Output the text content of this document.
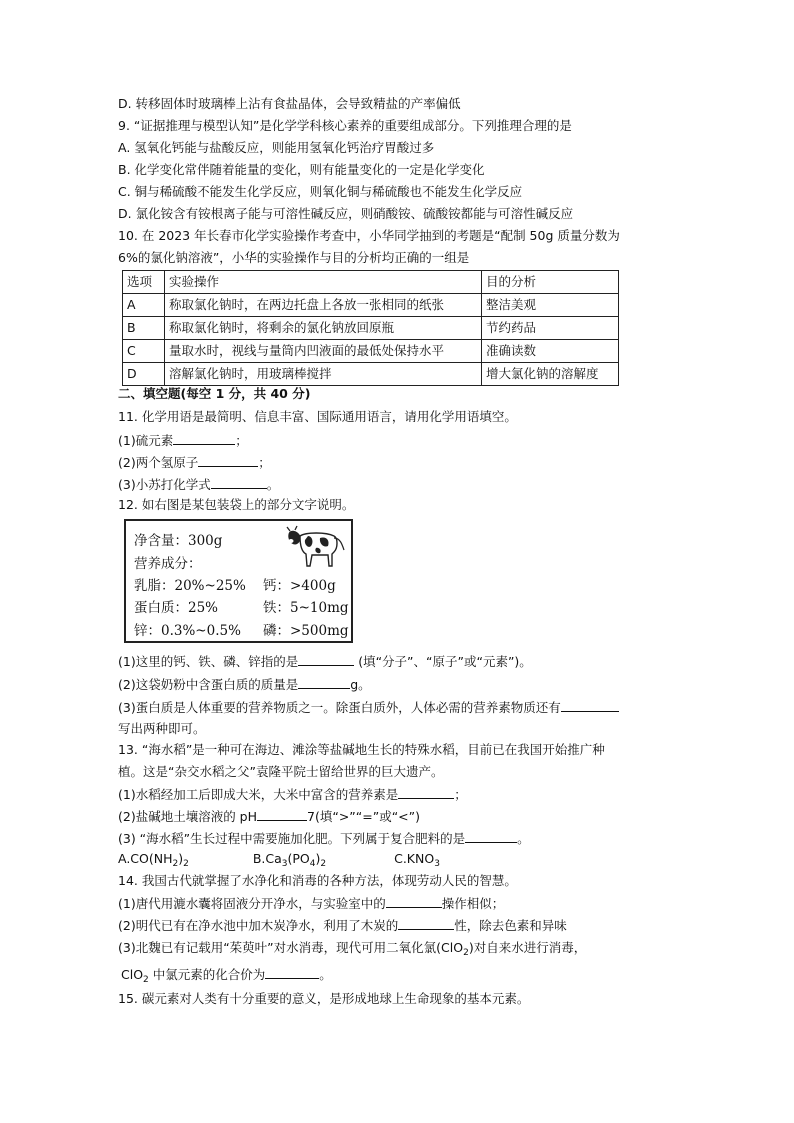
D. 转移固体时玻璃棒上沾有食盐晶体，会导致精盐的产率偏低
9. “证据推理与模型认知”是化学学科核心素养的重要组成部分。下列推理合理的是
A. 氢氧化钙能与盐酸反应，则能用氢氧化钙治疗胃酸过多
B. 化学变化常伴随着能量的变化，则有能量变化的一定是化学变化
C. 铜与稀硫酸不能发生化学反应，则氧化铜与稀硫酸也不能发生化学反应
D. 氯化铵含有铵根离子能与可溶性碱反应，则硝酸铵、硫酸铵都能与可溶性碱反应
10. 在 2023 年长春市化学实验操作考查中，小华同学抽到的考题是“配制 50g 质量分数为
6%的氯化钠溶液”，小华的实验操作与目的分析均正确的一组是
选项	实验操作	目的分析
A	称取氯化钠时，在两边托盘上各放一张相同的纸张	整洁美观
B	称取氯化钠时，将剩余的氯化钠放回原瓶	节约药品
C	量取水时，视线与量筒内凹液面的最低处保持水平	准确读数
D	溶解氯化钠时，用玻璃棒搅拌	增大氯化钠的溶解度
二、填空题(每空 1 分，共 40 分)
11. 化学用语是最简明、信息丰富、国际通用语言，请用化学用语填空。
(1)硫元素	；
(2)两个氢原子	；
(3)小苏打化学式	。
12. 如右图是某包装袋上的部分文字说明。
净含量：300g
营养成分：
乳脂：20%~25% 钙：>400g
蛋白质：25%	铁：5~10mg
锌：0.3%~0.5% 磷：>500mg
(1)这里的钙、铁、磷、锌指的是	(填“分子”、“原子”或“元素”)。
(2)这袋奶粉中含蛋白质的质量是	g。
(3)蛋白质是人体重要的营养物质之一。除蛋白质外，人体必需的营养素物质还有
写出两种即可。
13. “海水稻”是一种可在海边、滩涂等盐碱地生长的特殊水稻，目前已在我国开始推广种
植。这是“杂交水稻之父”袁隆平院士留给世界的巨大遗产。
(1)水稻经加工后即成大米，大米中富含的营养素是	；
(2)盐碱地土壤溶液的 pH	7(填“>”“=”或“<”)
(3) “海水稻”生长过程中需要施加化肥。下列属于复合肥料的是	。
$A.CO(NH_2)_2$	$B.Ca_3(PO_4)_2$	$C.KNO_3$
14. 我国古代就掌握了水净化和消毒的各种方法，体现劳动人民的智慧。
(1)唐代用漉水囊将固液分开净水，与实验室中的	操作相似；
(2)明代已有在净水池中加木炭净水，利用了木炭的	性，除去色素和异味
(3)北魏已有记载用“茱萸叶”对水消毒，现代可用二氧化氯(ClO$_2$)对自来水进行消毒，
ClO$_2$ 中氯元素的化合价为	。
15. 碳元素对人类有十分重要的意义，是形成地球上生命现象的基本元素。
